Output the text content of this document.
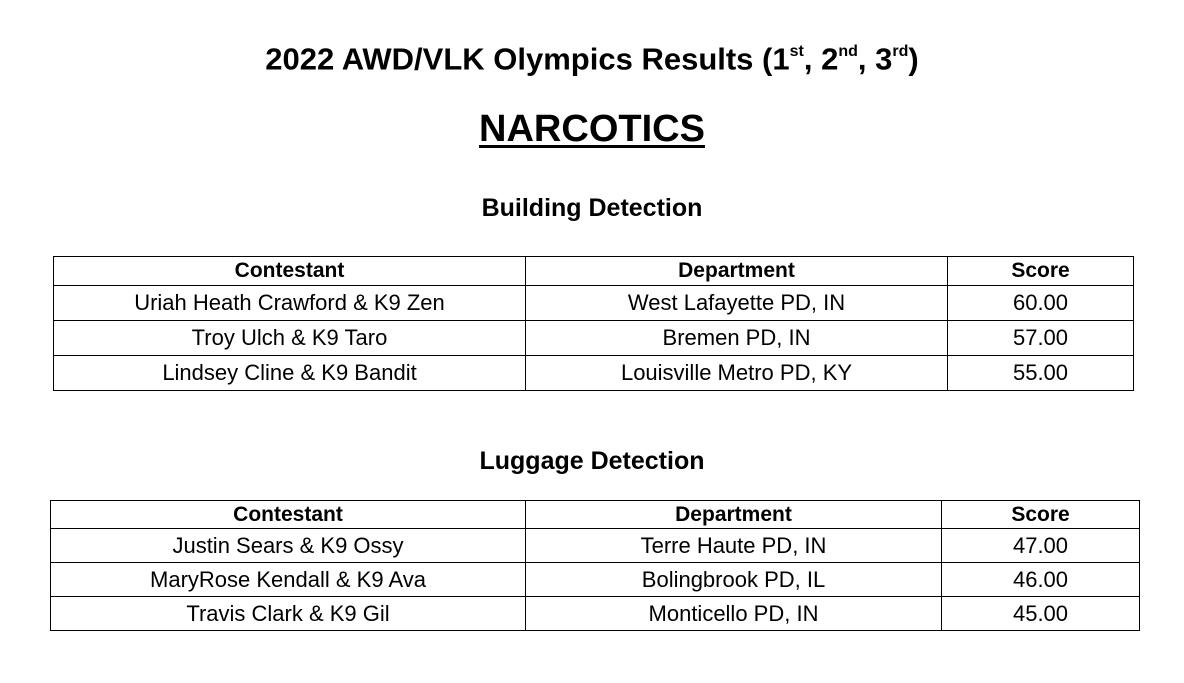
2022 AWD/VLK Olympics Results (1st, 2nd, 3rd)
NARCOTICS
Building Detection
Contestant	Department	Score
Uriah Heath Crawford & K9 Zen	West Lafayette PD, IN	60.00
Troy Ulch & K9 Taro	Bremen PD, IN	57.00
Lindsey Cline & K9 Bandit	Louisville Metro PD, KY	55.00
Luggage Detection
Contestant	Department	Score
Justin Sears & K9 Ossy	Terre Haute PD, IN	47.00
MaryRose Kendall & K9 Ava	Bolingbrook PD, IL	46.00
Travis Clark & K9 Gil	Monticello PD, IN	45.00
